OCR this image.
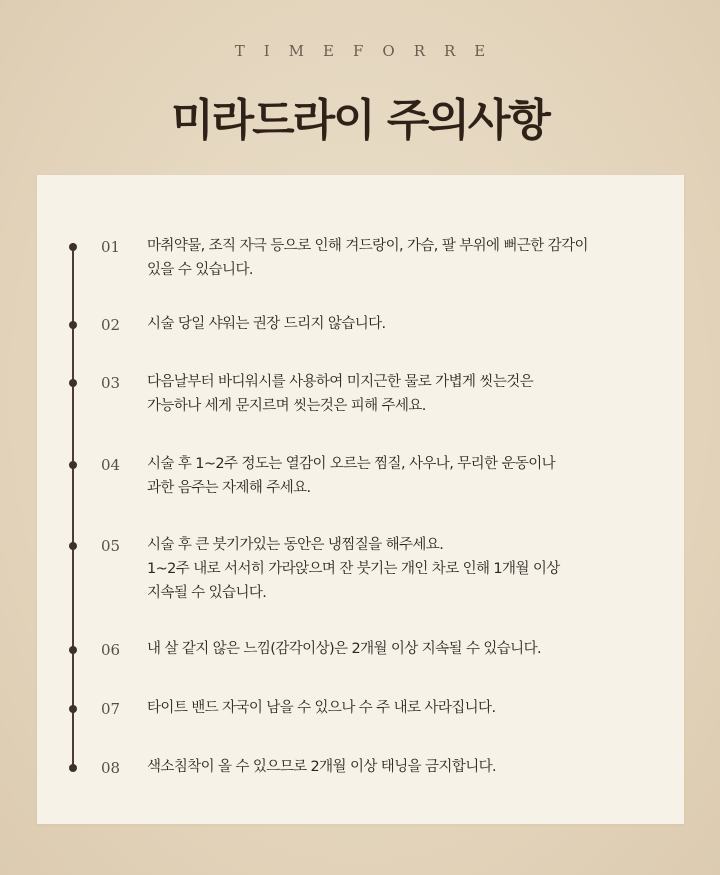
TIMEFORRE
미라드라이 주의사항
01 마취약물, 조직 자극 등으로 인해 겨드랑이, 가슴, 팔 부위에 뻐근한 감각이
있을 수 있습니다.
02 시술 당일 샤워는 권장 드리지 않습니다.
03 다음날부터 바디워시를 사용하여 미지근한 물로 가볍게 씻는것은
가능하나 세게 문지르며 씻는것은 피해 주세요.
04 시술 후 1~2주 정도는 열감이 오르는 찜질, 사우나, 무리한 운동이나
과한 음주는 자제해 주세요.
05 시술 후 큰 붓기가있는 동안은 냉찜질을 해주세요.
1~2주 내로 서서히 가라앉으며 잔 붓기는 개인 차로 인해 1개월 이상
지속될 수 있습니다.
06 내 살 같지 않은 느낌(감각이상)은 2개월 이상 지속될 수 있습니다.
07 타이트 밴드 자국이 남을 수 있으나 수 주 내로 사라집니다.
08 색소침착이 올 수 있으므로 2개월 이상 태닝을 금지합니다.
